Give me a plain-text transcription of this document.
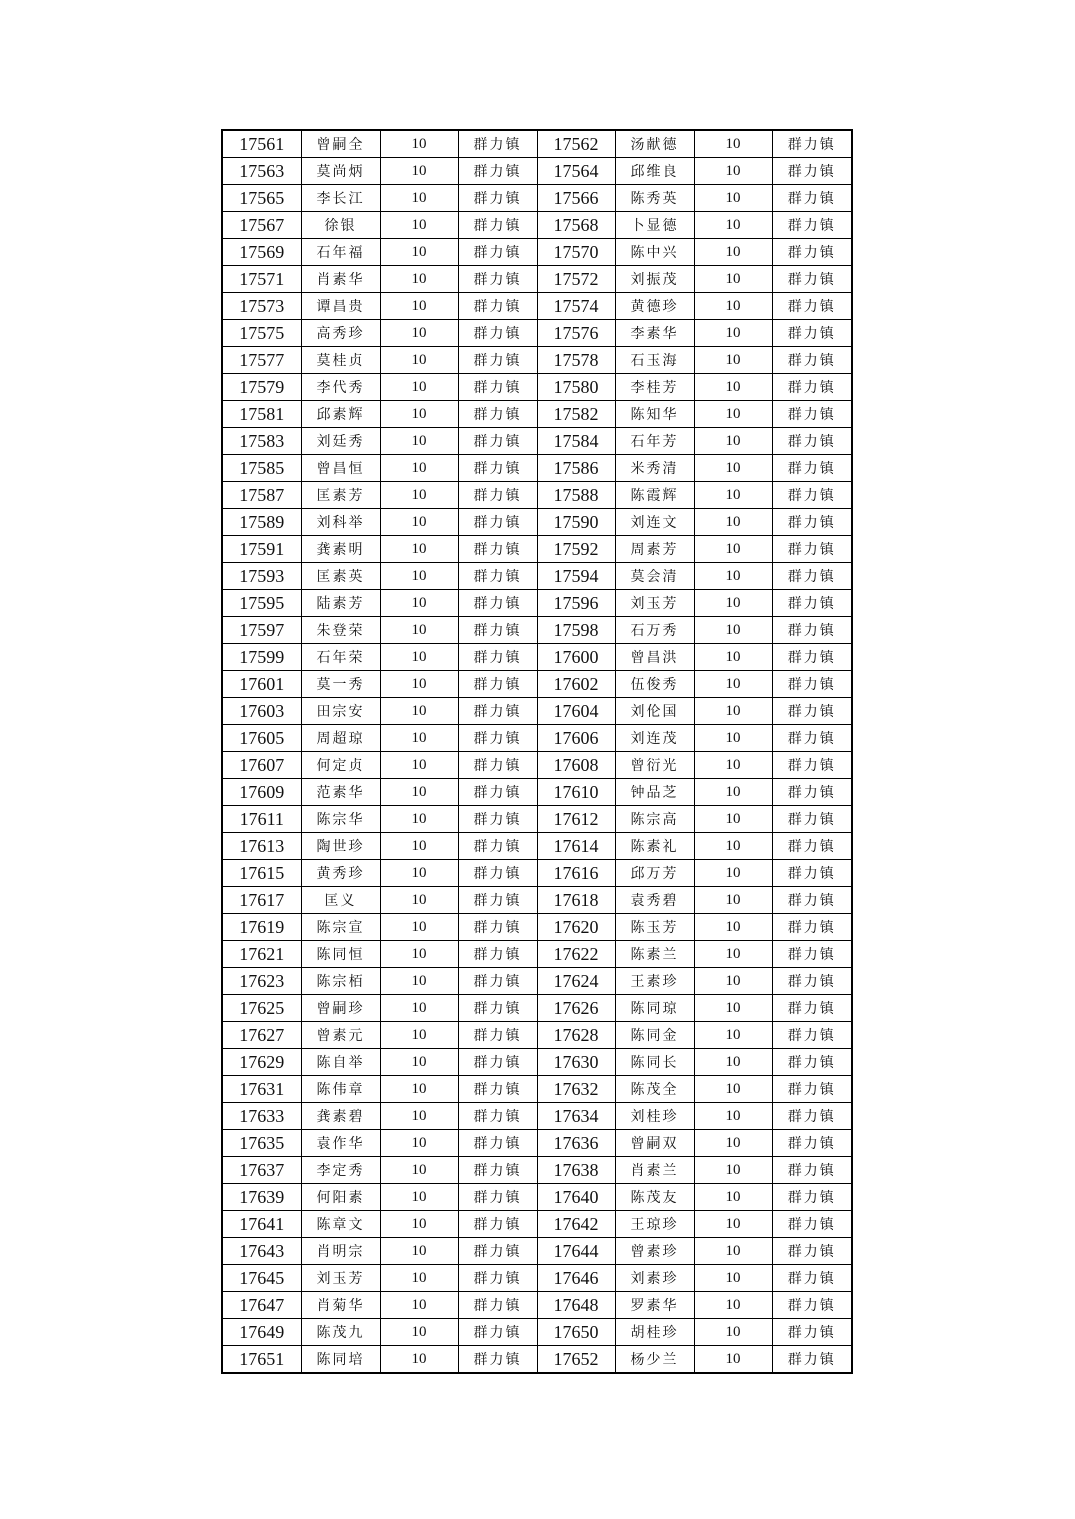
17561	曾嗣全	10	群力镇	17562	汤献德	10	群力镇
17563	莫尚炳	10	群力镇	17564	邱维良	10	群力镇
17565	李长江	10	群力镇	17566	陈秀英	10	群力镇
17567	徐银	10	群力镇	17568	卜显德	10	群力镇
17569	石年福	10	群力镇	17570	陈中兴	10	群力镇
17571	肖素华	10	群力镇	17572	刘振茂	10	群力镇
17573	谭昌贵	10	群力镇	17574	黄德珍	10	群力镇
17575	高秀珍	10	群力镇	17576	李素华	10	群力镇
17577	莫桂贞	10	群力镇	17578	石玉海	10	群力镇
17579	李代秀	10	群力镇	17580	李桂芳	10	群力镇
17581	邱素辉	10	群力镇	17582	陈知华	10	群力镇
17583	刘廷秀	10	群力镇	17584	石年芳	10	群力镇
17585	曾昌恒	10	群力镇	17586	米秀清	10	群力镇
17587	匡素芳	10	群力镇	17588	陈霞辉	10	群力镇
17589	刘科举	10	群力镇	17590	刘连文	10	群力镇
17591	龚素明	10	群力镇	17592	周素芳	10	群力镇
17593	匡素英	10	群力镇	17594	莫会清	10	群力镇
17595	陆素芳	10	群力镇	17596	刘玉芳	10	群力镇
17597	朱登荣	10	群力镇	17598	石万秀	10	群力镇
17599	石年荣	10	群力镇	17600	曾昌洪	10	群力镇
17601	莫一秀	10	群力镇	17602	伍俊秀	10	群力镇
17603	田宗安	10	群力镇	17604	刘伦国	10	群力镇
17605	周超琼	10	群力镇	17606	刘连茂	10	群力镇
17607	何定贞	10	群力镇	17608	曾衍光	10	群力镇
17609	范素华	10	群力镇	17610	钟品芝	10	群力镇
17611	陈宗华	10	群力镇	17612	陈宗高	10	群力镇
17613	陶世珍	10	群力镇	17614	陈素礼	10	群力镇
17615	黄秀珍	10	群力镇	17616	邱万芳	10	群力镇
17617	匡义	10	群力镇	17618	袁秀碧	10	群力镇
17619	陈宗宣	10	群力镇	17620	陈玉芳	10	群力镇
17621	陈同恒	10	群力镇	17622	陈素兰	10	群力镇
17623	陈宗栢	10	群力镇	17624	王素珍	10	群力镇
17625	曾嗣珍	10	群力镇	17626	陈同琼	10	群力镇
17627	曾素元	10	群力镇	17628	陈同金	10	群力镇
17629	陈自举	10	群力镇	17630	陈同长	10	群力镇
17631	陈伟章	10	群力镇	17632	陈茂全	10	群力镇
17633	龚素碧	10	群力镇	17634	刘桂珍	10	群力镇
17635	袁作华	10	群力镇	17636	曾嗣双	10	群力镇
17637	李定秀	10	群力镇	17638	肖素兰	10	群力镇
17639	何阳素	10	群力镇	17640	陈茂友	10	群力镇
17641	陈章文	10	群力镇	17642	王琼珍	10	群力镇
17643	肖明宗	10	群力镇	17644	曾素珍	10	群力镇
17645	刘玉芳	10	群力镇	17646	刘素珍	10	群力镇
17647	肖菊华	10	群力镇	17648	罗素华	10	群力镇
17649	陈茂九	10	群力镇	17650	胡桂珍	10	群力镇
17651	陈同培	10	群力镇	17652	杨少兰	10	群力镇
